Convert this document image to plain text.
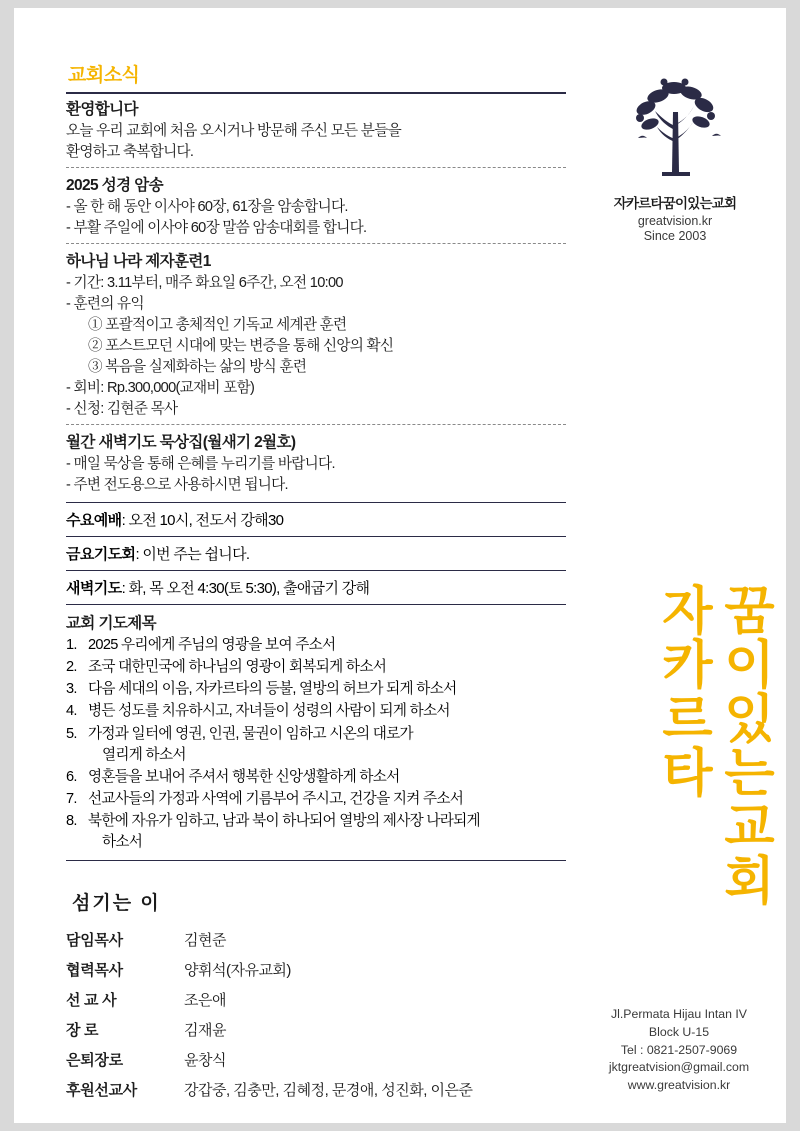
교회소식
환영합니다

오늘 우리 교회에 처음 오시거나 방문해 주신 모든 분들을

환영하고 축복합니다.

2025 성경 암송

- 올 한 해 동안 이사야 60장, 61장을 암송합니다.

- 부활 주일에 이사야 60장 말씀 암송대회를 합니다.

하나님 나라 제자훈련1

- 기간: 3.11부터, 매주 화요일 6주간, 오전 10:00

- 훈련의 유익

① 포괄적이고 총체적인 기독교 세계관 훈련

② 포스트모던 시대에 맞는 변증을 통해 신앙의 확신

③ 복음을 실제화하는 삶의 방식 훈련

- 회비: Rp.300,000(교재비 포함)

- 신청: 김현준 목사

월간 새벽기도 묵상집(월새기 2월호)

- 매일 묵상을 통해 은혜를 누리기를 바랍니다.

- 주변 전도용으로 사용하시면 됩니다.

수요예배: 오전 10시, 전도서 강해30
금요기도회: 이번 주는 쉽니다.
새벽기도: 화, 목 오전 4:30(토 5:30), 출애굽기 강해
교회 기도제목
1. 2025 우리에게 주님의 영광을 보여 주소서
2. 조국 대한민국에 하나님의 영광이 회복되게 하소서
3. 다음 세대의 이음, 자카르타의 등불, 열방의 허브가 되게 하소서
4. 병든 성도를 치유하시고, 자녀들이 성령의 사람이 되게 하소서
5. 가정과 일터에 영권, 인권, 물권이 임하고 시온의 대로가
열리게 하소서
6. 영혼들을 보내어 주셔서 행복한 신앙생활하게 하소서
7. 선교사들의 가정과 사역에 기름부어 주시고, 건강을 지켜 주소서
8. 북한에 자유가 임하고, 남과 북이 하나되어 열방의 제사장 나라되게
하소서
섬기는 이
담임목사	김현준
협력목사	양휘석(자유교회)
선 교 사	조은애
장 로	김재윤
은퇴장로	윤창식
후원선교사	강갑중, 김충만, 김혜정, 문경애, 성진화, 이은준
자카르타꿈이있는교회
greatvision.kr
Since 2003
자카르타 꿈이있는교회
Jl.Permata Hijau Intan IV
Block U-15
Tel : 0821-2507-9069
jktgreatvision@gmail.com
www.greatvision.kr
